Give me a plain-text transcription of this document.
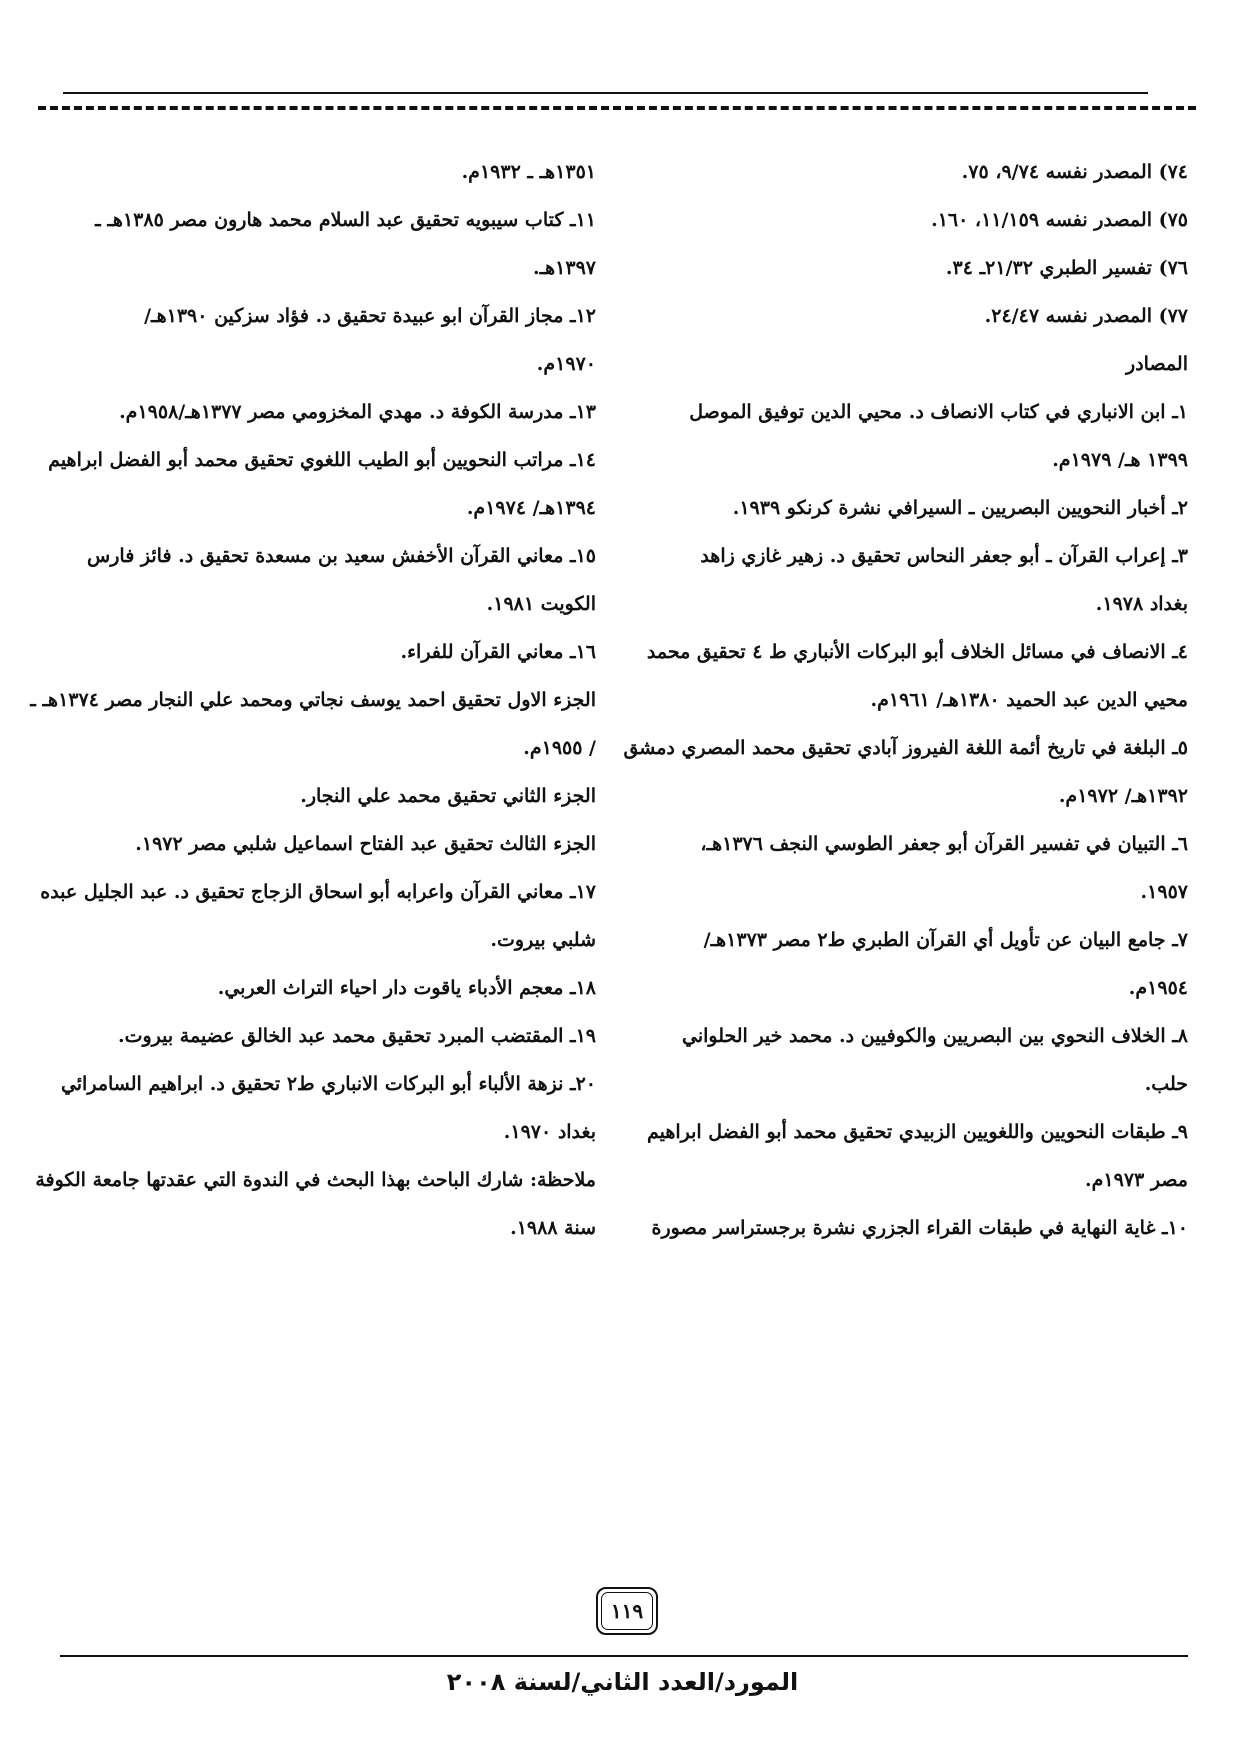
٧٤) المصدر نفسه ٩/٧٤، ٧٥.
٧٥) المصدر نفسه ١١/١٥٩، ١٦٠.
٧٦) تفسير الطبري ٢١/٣٢ـ ٣٤.
٧٧) المصدر نفسه ٢٤/٤٧.
المصادر
١ـ ابن الانباري في كتاب الانصاف د. محيي الدين توفيق الموصل
١٣٩٩ هـ/ ١٩٧٩م.
٢ـ أخبار النحويين البصريين ـ السيرافي نشرة كرنكو ١٩٣٩.
٣ـ إعراب القرآن ـ أبو جعفر النحاس تحقيق د. زهير غازي زاهد
بغداد ١٩٧٨.
٤ـ الانصاف في مسائل الخلاف أبو البركات الأنباري ط ٤ تحقيق محمد
محيي الدين عبد الحميد ١٣٨٠هـ/ ١٩٦١م.
٥ـ البلغة في تاريخ أئمة اللغة الفيروز آبادي تحقيق محمد المصري دمشق
١٣٩٢هـ/ ١٩٧٢م.
٦ـ التبيان في تفسير القرآن أبو جعفر الطوسي النجف ١٣٧٦هـ،
١٩٥٧.
٧ـ جامع البيان عن تأويل أي القرآن الطبري ط٢ مصر ١٣٧٣هـ/
١٩٥٤م.
٨ـ الخلاف النحوي بين البصريين والكوفيين د. محمد خير الحلواني
حلب.
٩ـ طبقات النحويين واللغويين الزبيدي تحقيق محمد أبو الفضل ابراهيم
مصر ١٩٧٣م.
١٠ـ غاية النهاية في طبقات القراء الجزري نشرة برجستراسر مصورة
١٣٥١هـ ـ ١٩٣٢م.
١١ـ كتاب سيبويه تحقيق عبد السلام محمد هارون مصر ١٣٨٥هـ ـ
١٣٩٧هـ.
١٢ـ مجاز القرآن ابو عبيدة تحقيق د. فؤاد سزكين ١٣٩٠هـ/
١٩٧٠م.
١٣ـ مدرسة الكوفة د. مهدي المخزومي مصر ١٣٧٧هـ/١٩٥٨م.
١٤ـ مراتب النحويين أبو الطيب اللغوي تحقيق محمد أبو الفضل ابراهيم
١٣٩٤هـ/ ١٩٧٤م.
١٥ـ معاني القرآن الأخفش سعيد بن مسعدة تحقيق د. فائز فارس
الكويت ١٩٨١.
١٦ـ معاني القرآن للفراء.
الجزء الاول تحقيق احمد يوسف نجاتي ومحمد علي النجار مصر ١٣٧٤هـ ـ
/ ١٩٥٥م.
الجزء الثاني تحقيق محمد علي النجار.
الجزء الثالث تحقيق عبد الفتاح اسماعيل شلبي مصر ١٩٧٢.
١٧ـ معاني القرآن واعرابه أبو اسحاق الزجاج تحقيق د. عبد الجليل عبده
شلبي بيروت.
١٨ـ معجم الأدباء ياقوت دار احياء التراث العربي.
١٩ـ المقتضب المبرد تحقيق محمد عبد الخالق عضيمة بيروت.
٢٠ـ نزهة الألباء أبو البركات الانباري ط٢ تحقيق د. ابراهيم السامرائي
بغداد ١٩٧٠.
ملاحظة: شارك الباحث بهذا البحث في الندوة التي عقدتها جامعة الكوفة
سنة ١٩٨٨.
١١٩
المورد/العدد الثاني/لسنة ٢٠٠٨
